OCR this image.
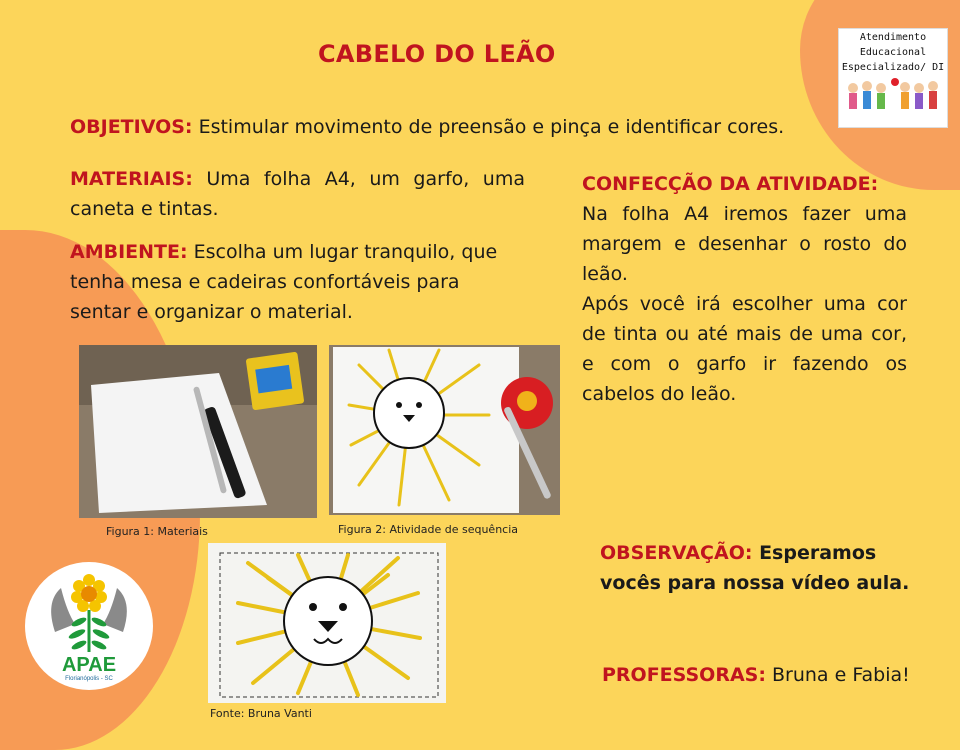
CABELO DO LEÃO
OBJETIVOS: Estimular movimento de preensão e pinça e identificar cores.
MATERIAIS: Uma folha A4, um garfo, uma caneta e tintas.
AMBIENTE: Escolha um lugar tranquilo, que tenha mesa e cadeiras confortáveis para sentar e organizar o material.
CONFECÇÃO DA ATIVIDADE:
Na folha A4 iremos fazer uma margem e desenhar o rosto do leão.
Após você irá escolher uma cor de tinta ou até mais de uma cor, e com o garfo ir fazendo os cabelos do leão.
OBSERVAÇÃO: Esperamos vocês para nossa vídeo aula.
PROFESSORAS: Bruna e Fabia!
Figura 1: Materiais	Figura 2: Atividade de sequência
Fonte: Bruna Vanti
Atendimento
Educacional
Especializado/ DI
APAE
Florianópolis - SC
